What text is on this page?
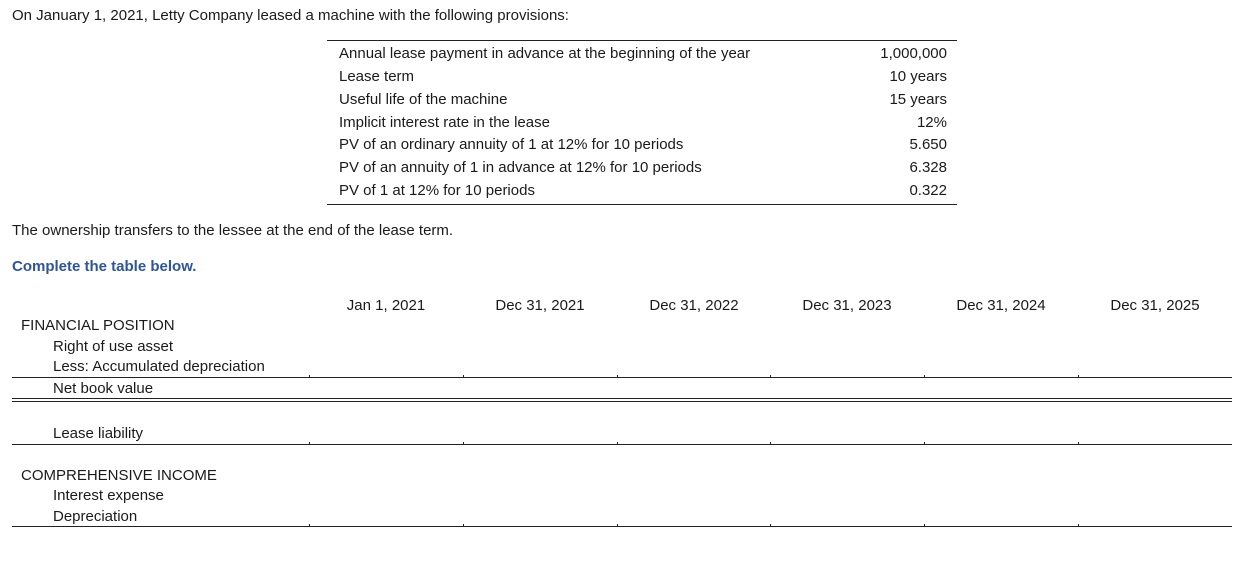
On January 1, 2021, Letty Company leased a machine with the following provisions:
Annual lease payment in advance at the beginning of the year	1,000,000
Lease term	10 years
Useful life of the machine	15 years
Implicit interest rate in the lease	12%
PV of an ordinary annuity of 1 at 12% for 10 periods	5.650
PV of an annuity of 1 in advance at 12% for 10 periods	6.328
PV of 1 at 12% for 10 periods	0.322
The ownership transfers to the lessee at the end of the lease term.
Complete the table below.
Jan 1, 2021	Dec 31, 2021	Dec 31, 2022	Dec 31, 2023	Dec 31, 2024	Dec 31, 2025
FINANCIAL POSITION
Right of use asset
Less: Accumulated depreciation
Net book value
Lease liability
COMPREHENSIVE INCOME
Interest expense
Depreciation
